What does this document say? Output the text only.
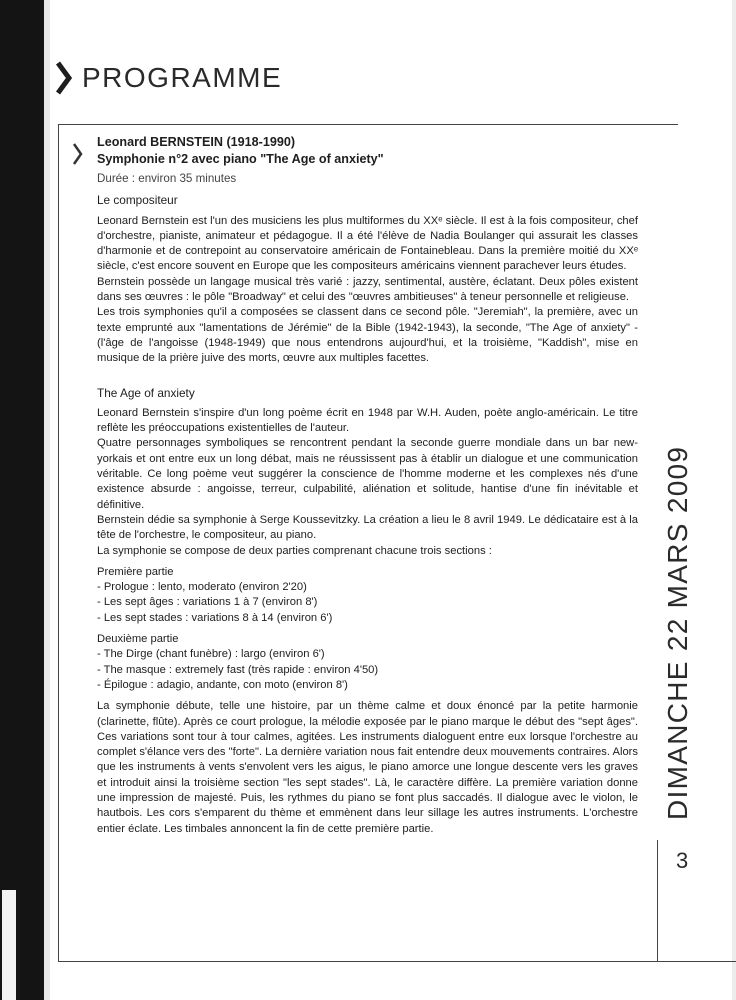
PROGRAMME
Leonard BERNSTEIN (1918-1990)
Symphonie n°2 avec piano "The Age of anxiety"
Durée : environ 35 minutes
Le compositeur

Leonard Bernstein est l'un des musiciens les plus multiformes du XXᵉ siècle. Il est à la fois compositeur, chef d'orchestre, pianiste, animateur et pédagogue. Il a été l'élève de Nadia Boulanger qui assurait les classes d'harmonie et de contrepoint au conservatoire américain de Fontainebleau. Dans la première moitié du XXᵉ siècle, c'est encore souvent en Europe que les compositeurs américains viennent parachever leurs études.

Bernstein possède un langage musical très varié : jazzy, sentimental, austère, éclatant. Deux pôles existent dans ses œuvres : le pôle "Broadway" et celui des "œuvres ambitieuses" à teneur personnelle et religieuse.

Les trois symphonies qu'il a composées se classent dans ce second pôle. "Jeremiah", la première, avec un texte emprunté aux "lamentations de Jérémie" de la Bible (1942-1943), la seconde, "The Age of anxiety" - (l'âge de l'angoisse (1948-1949) que nous entendrons aujourd'hui, et la troisième, "Kaddish", mise en musique de la prière juive des morts, œuvre aux multiples facettes.

The Age of anxiety

Leonard Bernstein s'inspire d'un long poème écrit en 1948 par W.H. Auden, poète anglo-américain. Le titre reflète les préoccupations existentielles de l'auteur.

Quatre personnages symboliques se rencontrent pendant la seconde guerre mondiale dans un bar new-yorkais et ont entre eux un long débat, mais ne réussissent pas à établir un dialogue et une communication véritable. Ce long poème veut suggérer la conscience de l'homme moderne et les complexes nés d'une existence absurde : angoisse, terreur, culpabilité, aliénation et solitude, hantise d'une fin inévitable et définitive.

Bernstein dédie sa symphonie à Serge Koussevitzky. La création a lieu le 8 avril 1949. Le dédicataire est à la tête de l'orchestre, le compositeur, au piano.

La symphonie se compose de deux parties comprenant chacune trois sections :

Première partie

- Prologue : lento, moderato (environ 2'20)

- Les sept âges : variations 1 à 7 (environ 8')

- Les sept stades : variations 8 à 14 (environ 6')

Deuxième partie

- The Dirge (chant funèbre) : largo (environ 6')

- The masque : extremely fast (très rapide : environ 4'50)

- Épilogue : adagio, andante, con moto (environ 8')

La symphonie débute, telle une histoire, par un thème calme et doux énoncé par la petite harmonie (clarinette, flûte). Après ce court prologue, la mélodie exposée par le piano marque le début des "sept âges". Ces variations sont tour à tour calmes, agitées. Les instruments dialoguent entre eux lorsque l'orchestre au complet s'élance vers des "forte". La dernière variation nous fait entendre deux mouvements contraires. Alors que les instruments à vents s'envolent vers les aigus, le piano amorce une longue descente vers les graves et introduit ainsi la troisième section "les sept stades". Là, le caractère diffère. La première variation donne une impression de majesté. Puis, les rythmes du piano se font plus saccadés. Il dialogue avec le violon, le hautbois. Les cors s'emparent du thème et emmènent dans leur sillage les autres instruments. L'orchestre entier éclate. Les timbales annoncent la fin de cette première partie.

DIMANCHE 22 MARS 2009
3
